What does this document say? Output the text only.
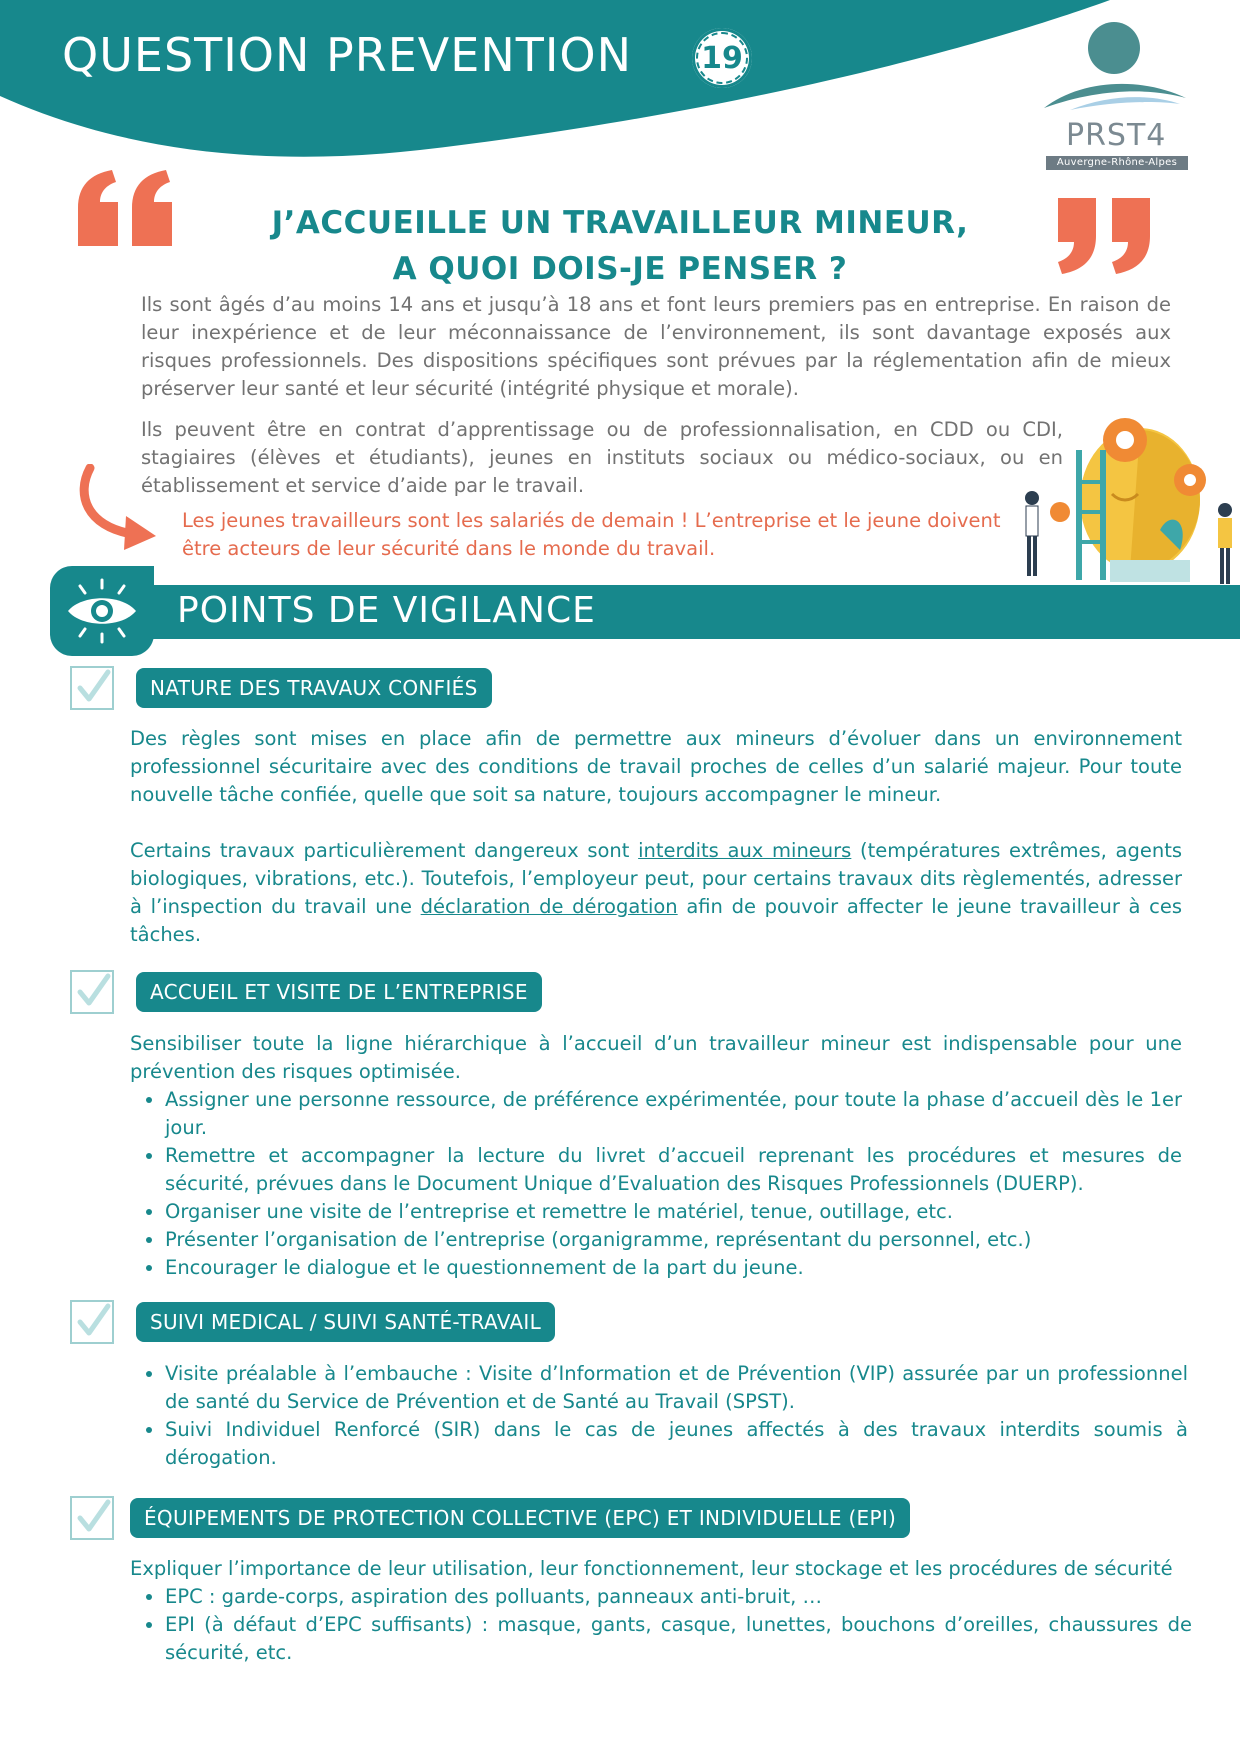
QUESTION PREVENTION	19
PRST4
Auvergne-Rhône-Alpes
J’ACCUEILLE UN TRAVAILLEUR MINEUR,
A QUOI DOIS-JE PENSER ?

Ils sont âgés d’au moins 14 ans et jusqu’à 18 ans et font leurs premiers pas en entreprise. En raison de leur inexpérience et de leur méconnaissance de l’environnement, ils sont davantage exposés aux risques professionnels. Des dispositions spécifiques sont prévues par la réglementation afin de mieux préserver leur santé et leur sécurité (intégrité physique et morale).

Ils peuvent être en contrat d’apprentissage ou de professionnalisation, en CDD ou CDI, stagiaires (élèves et étudiants), jeunes en instituts sociaux ou médico-sociaux, ou en établissement et service d’aide par le travail.

Les jeunes travailleurs sont les salariés de demain ! L’entreprise et le jeune doivent être acteurs de leur sécurité dans le monde du travail.
POINTS DE VIGILANCE
NATURE DES TRAVAUX CONFIÉS

Des règles sont mises en place afin de permettre aux mineurs d’évoluer dans un environnement professionnel sécuritaire avec des conditions de travail proches de celles d’un salarié majeur. Pour toute nouvelle tâche confiée, quelle que soit sa nature, toujours accompagner le mineur.

Certains travaux particulièrement dangereux sont interdits aux mineurs (températures extrêmes, agents biologiques, vibrations, etc.). Toutefois, l’employeur peut, pour certains travaux dits règlementés, adresser à l’inspection du travail une déclaration de dérogation afin de pouvoir affecter le jeune travailleur à ces tâches.

ACCUEIL ET VISITE DE L’ENTREPRISE

Sensibiliser toute la ligne hiérarchique à l’accueil d’un travailleur mineur est indispensable pour une prévention des risques optimisée.

• Assigner une personne ressource, de préférence expérimentée, pour toute la phase d’accueil dès le 1er jour.
• Remettre et accompagner la lecture du livret d’accueil reprenant les procédures et mesures de sécurité, prévues dans le Document Unique d’Evaluation des Risques Professionnels (DUERP).
• Organiser une visite de l’entreprise et remettre le matériel, tenue, outillage, etc.
• Présenter l’organisation de l’entreprise (organigramme, représentant du personnel, etc.)
• Encourager le dialogue et le questionnement de la part du jeune.
SUIVI MEDICAL / SUIVI SANTÉ-TRAVAIL
• Visite préalable à l’embauche : Visite d’Information et de Prévention (VIP) assurée par un professionnel de santé du Service de Prévention et de Santé au Travail (SPST).
• Suivi Individuel Renforcé (SIR) dans le cas de jeunes affectés à des travaux interdits soumis à dérogation.
ÉQUIPEMENTS DE PROTECTION COLLECTIVE (EPC) ET INDIVIDUELLE (EPI)

Expliquer l’importance de leur utilisation, leur fonctionnement, leur stockage et les procédures de sécurité

• EPC : garde-corps, aspiration des polluants, panneaux anti-bruit, …
• EPI (à défaut d’EPC suffisants) : masque, gants, casque, lunettes, bouchons d’oreilles, chaussures de sécurité, etc.
